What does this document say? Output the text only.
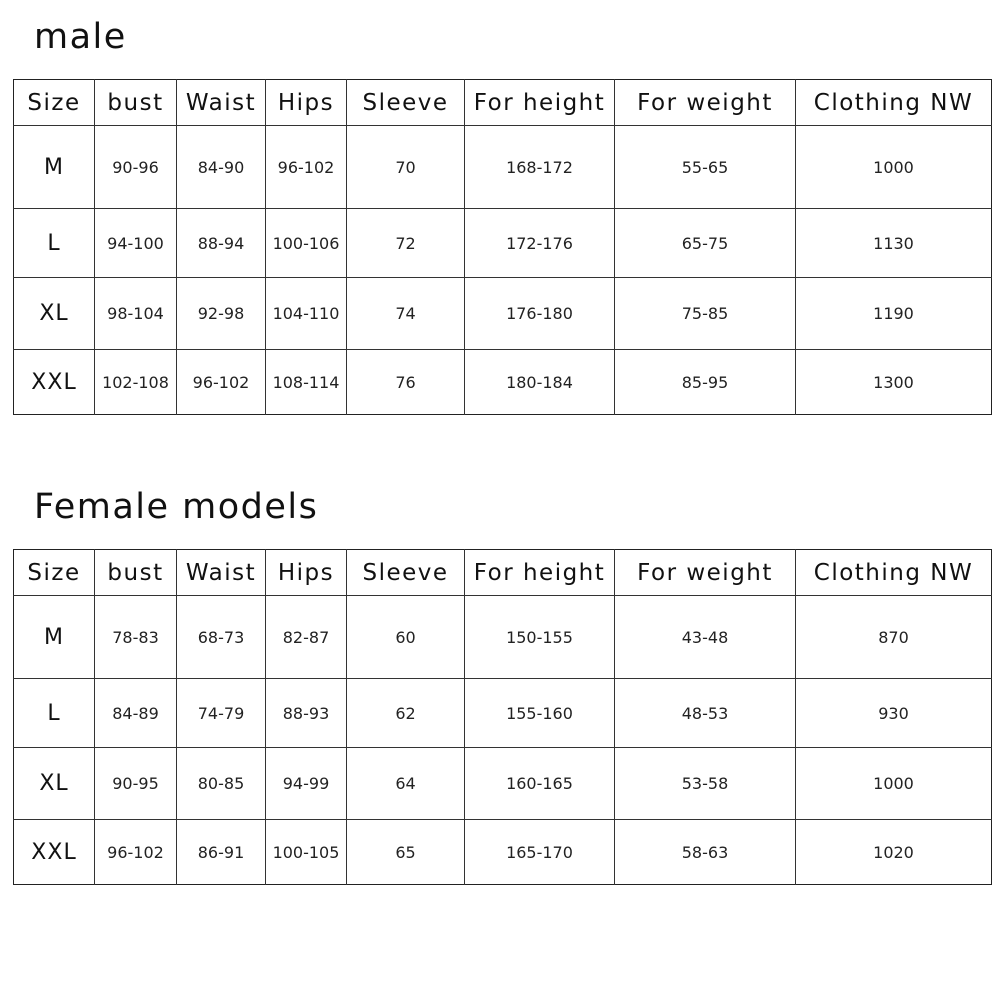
male
Size	bust	Waist	Hips	Sleeve	For height	For weight	Clothing NW
M	90-96	84-90	96-102	70	168-172	55-65	1000
L	94-100	88-94	100-106	72	172-176	65-75	1130
XL	98-104	92-98	104-110	74	176-180	75-85	1190
XXL	102-108	96-102	108-114	76	180-184	85-95	1300
Female models
Size	bust	Waist	Hips	Sleeve	For height	For weight	Clothing NW
M	78-83	68-73	82-87	60	150-155	43-48	870
L	84-89	74-79	88-93	62	155-160	48-53	930
XL	90-95	80-85	94-99	64	160-165	53-58	1000
XXL	96-102	86-91	100-105	65	165-170	58-63	1020
